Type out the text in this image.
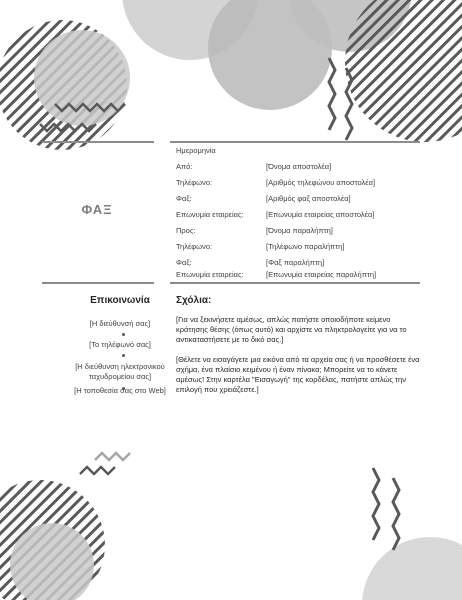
ΦΑΞ
Ημερομηνία
Από:	[Όνομα αποστολέα]
Τηλέφωνο:	[Αριθμός τηλεφώνου αποστολέα]
Φαξ:	[Αριθμός φαξ αποστολέα]
Επωνυμία εταιρείας:	[Επωνυμία εταιρείας αποστολέα]
Προς:	[Όνομα παραλήπτη]
Τηλέφωνο:	[Τηλέφωνο παραλήπτη]
Φαξ:	[Φαξ παραλήπτη]
Επωνυμία εταιρείας:	[Επωνυμία εταιρείας παραλήπτη]
Επικοινωνία
[Η διεύθυνσή σας]
[Το τηλέφωνό σας]
[Η διεύθυνση ηλεκτρονικού
ταχυδρομείου σας]
[Η τοποθεσία σας στο Web]
Σχόλια:
[Για να ξεκινήσετε αμέσως, απλώς πατήστε οποιοδήποτε κείμενο κράτησης θέσης (όπως αυτό) και αρχίστε να πληκτρολογείτε για να το αντικαταστήσετε με το δικό σας.]
[Θέλετε να εισαγάγετε μια εικόνα από τα αρχεία σας ή να προσθέσετε ένα σχήμα, ένα πλαίσιο κειμένου ή έναν πίνακα; Μπορείτε να το κάνετε αμέσως! Στην καρτέλα "Εισαγωγή" της κορδέλας, πατήστε απλώς την επιλογή που χρειάζεστε.]
